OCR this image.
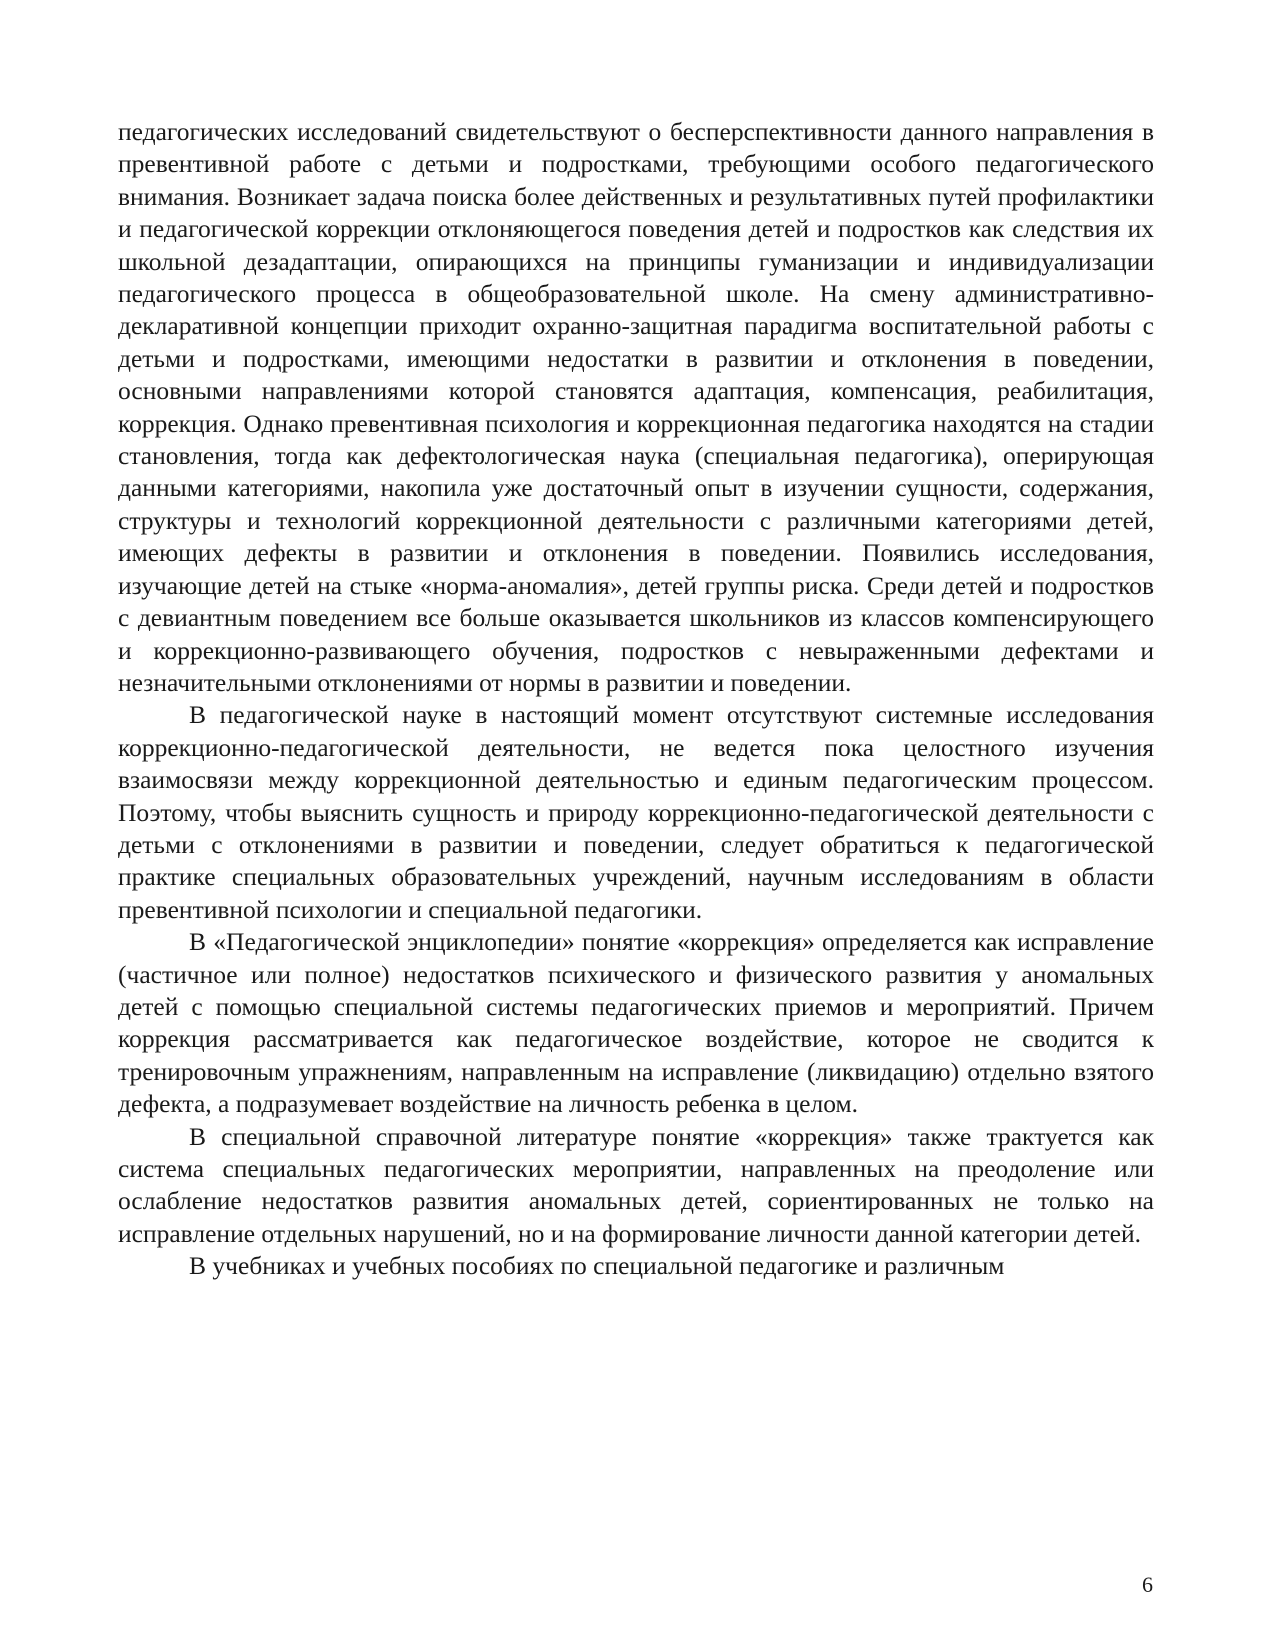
педагогических исследований свидетельствуют о бесперспективности данного направления в превентивной работе с детьми и подростками, требующими особого педагогического внимания. Возникает задача поиска более действенных и результативных путей профилактики и педагогической коррекции отклоняющегося поведения детей и подростков как следствия их школьной дезадаптации, опирающихся на принципы гуманизации и индивидуализации педагогического процесса в общеобразовательной школе. На смену административно-декларативной концепции приходит охранно-защитная парадигма воспитательной работы с детьми и подростками, имеющими недостатки в развитии и отклонения в поведении, основными направлениями которой становятся адаптация, компенсация, реабилитация, коррекция. Однако превентивная психология и коррекционная педагогика находятся на стадии становления, тогда как дефектологическая наука (специальная педагогика), оперирующая данными категориями, накопила уже достаточный опыт в изучении сущности, содержания, структуры и технологий коррекционной деятельности с различными категориями детей, имеющих дефекты в развитии и отклонения в поведении. Появились исследования, изучающие детей на стыке «норма-аномалия», детей группы риска. Среди детей и подростков с девиантным поведением все больше оказывается школьников из классов компенсирующего и коррекционно-развивающего обучения, подростков с невыраженными дефектами и незначительными отклонениями от нормы в развитии и поведении.

В педагогической науке в настоящий момент отсутствуют системные исследования коррекционно-педагогической деятельности, не ведется пока целостного изучения взаимосвязи между коррекционной деятельностью и единым педагогическим процессом. Поэтому, чтобы выяснить сущность и природу коррекционно-педагогической деятельности с детьми с отклонениями в развитии и поведении, следует обратиться к педагогической практике специальных образовательных учреждений, научным исследованиям в области превентивной психологии и специальной педагогики.

В «Педагогической энциклопедии» понятие «коррекция» определяется как исправление (частичное или полное) недостатков психического и физического развития у аномальных детей с помощью специальной системы педагогических приемов и мероприятий. Причем коррекция рассматривается как педагогическое воздействие, которое не сводится к тренировочным упражнениям, направленным на исправление (ликвидацию) отдельно взятого дефекта, а подразумевает воздействие на личность ребенка в целом.

В специальной справочной литературе понятие «коррекция» также трактуется как система специальных педагогических мероприятии, направленных на преодоление или ослабление недостатков развития аномальных детей, сориентированных не только на исправление отдельных нарушений, но и на формирование личности данной категории детей.

В учебниках и учебных пособиях по специальной педагогике и различным

6
